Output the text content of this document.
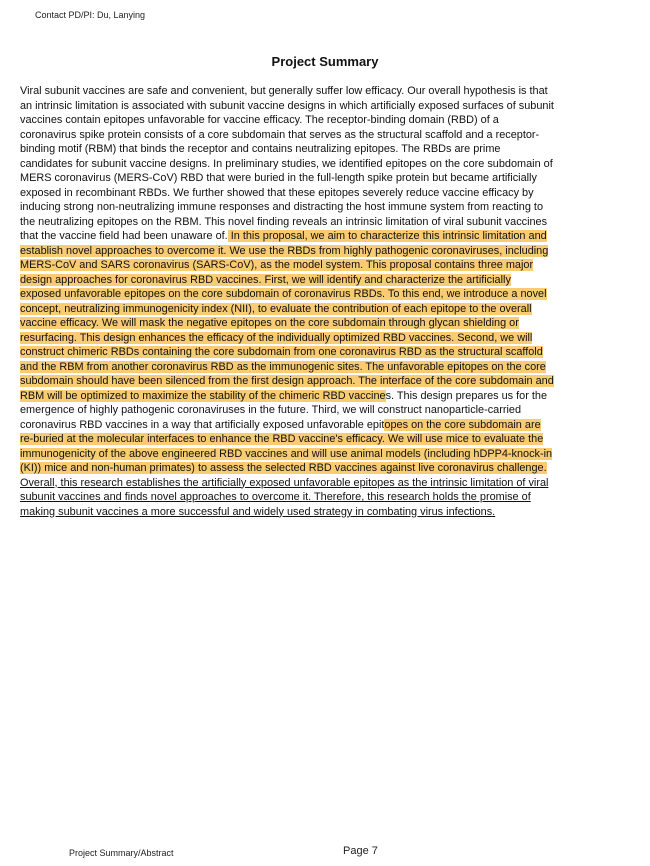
Contact PD/PI: Du, Lanying
Project Summary
Viral subunit vaccines are safe and convenient, but generally suffer low efficacy. Our overall hypothesis is that
an intrinsic limitation is associated with subunit vaccine designs in which artificially exposed surfaces of subunit
vaccines contain epitopes unfavorable for vaccine efficacy. The receptor-binding domain (RBD) of a
coronavirus spike protein consists of a core subdomain that serves as the structural scaffold and a receptor-
binding motif (RBM) that binds the receptor and contains neutralizing epitopes. The RBDs are prime
candidates for subunit vaccine designs. In preliminary studies, we identified epitopes on the core subdomain of
MERS coronavirus (MERS-CoV) RBD that were buried in the full-length spike protein but became artificially
exposed in recombinant RBDs. We further showed that these epitopes severely reduce vaccine efficacy by
inducing strong non-neutralizing immune responses and distracting the host immune system from reacting to
the neutralizing epitopes on the RBM. This novel finding reveals an intrinsic limitation of viral subunit vaccines
that the vaccine field had been unaware of. In this proposal, we aim to characterize this intrinsic limitation and
establish novel approaches to overcome it. We use the RBDs from highly pathogenic coronaviruses, including
MERS-CoV and SARS coronavirus (SARS-CoV), as the model system. This proposal contains three major
design approaches for coronavirus RBD vaccines. First, we will identify and characterize the artificially
exposed unfavorable epitopes on the core subdomain of coronavirus RBDs. To this end, we introduce a novel
concept, neutralizing immunogenicity index (NII), to evaluate the contribution of each epitope to the overall
vaccine efficacy. We will mask the negative epitopes on the core subdomain through glycan shielding or
resurfacing. This design enhances the efficacy of the individually optimized RBD vaccines. Second, we will
construct chimeric RBDs containing the core subdomain from one coronavirus RBD as the structural scaffold
and the RBM from another coronavirus RBD as the immunogenic sites. The unfavorable epitopes on the core
subdomain should have been silenced from the first design approach. The interface of the core subdomain and
RBM will be optimized to maximize the stability of the chimeric RBD vaccines. This design prepares us for the
emergence of highly pathogenic coronaviruses in the future. Third, we will construct nanoparticle-carried
coronavirus RBD vaccines in a way that artificially exposed unfavorable epitopes on the core subdomain are
re-buried at the molecular interfaces to enhance the RBD vaccine's efficacy. We will use mice to evaluate the
immunogenicity of the above engineered RBD vaccines and will use animal models (including hDPP4-knock-in
(KI)) mice and non-human primates) to assess the selected RBD vaccines against live coronavirus challenge.
Overall, this research establishes the artificially exposed unfavorable epitopes as the intrinsic limitation of viral
subunit vaccines and finds novel approaches to overcome it. Therefore, this research holds the promise of
making subunit vaccines a more successful and widely used strategy in combating virus infections.
Project Summary/Abstract	Page 7
